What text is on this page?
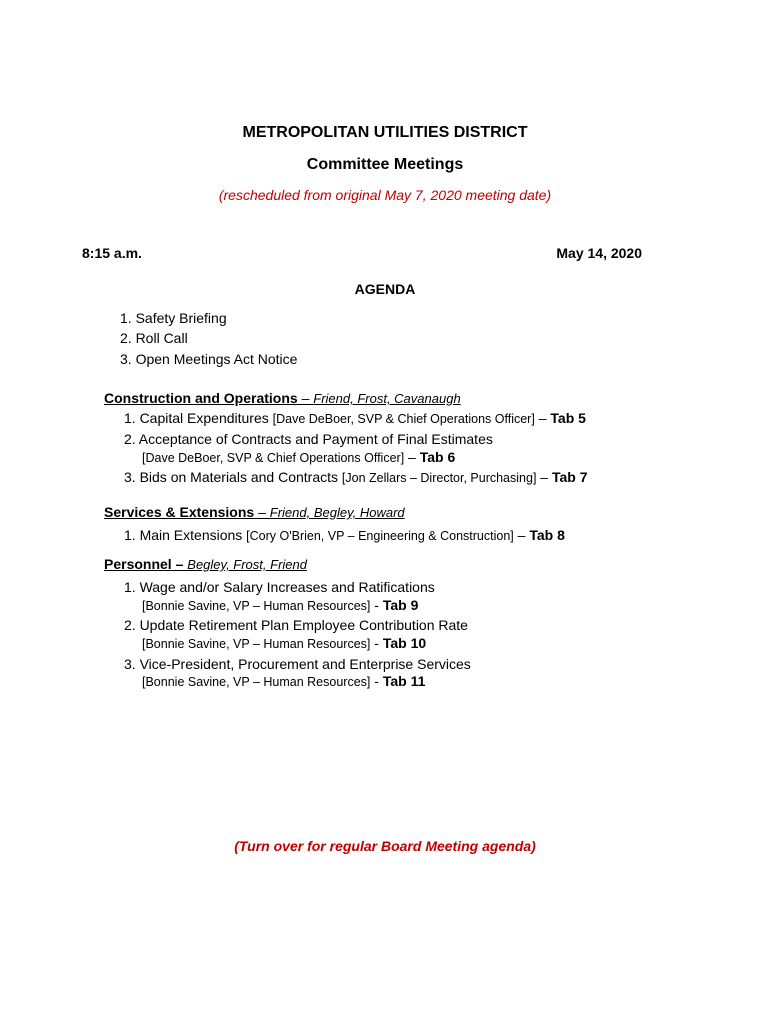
METROPOLITAN UTILITIES DISTRICT
Committee Meetings
(rescheduled from original May 7, 2020 meeting date)
8:15 a.m.	May 14, 2020
AGENDA
1. Safety Briefing
2. Roll Call
3. Open Meetings Act Notice
Construction and Operations – Friend, Frost, Cavanaugh
1. Capital Expenditures [Dave DeBoer, SVP & Chief Operations Officer] – Tab 5
2. Acceptance of Contracts and Payment of Final Estimates
[Dave DeBoer, SVP & Chief Operations Officer] – Tab 6
3. Bids on Materials and Contracts [Jon Zellars – Director, Purchasing] – Tab 7
Services & Extensions – Friend, Begley, Howard
1. Main Extensions [Cory O'Brien, VP – Engineering & Construction] – Tab 8
Personnel – Begley, Frost, Friend
1. Wage and/or Salary Increases and Ratifications
[Bonnie Savine, VP – Human Resources] - Tab 9
2. Update Retirement Plan Employee Contribution Rate
[Bonnie Savine, VP – Human Resources] - Tab 10
3. Vice-President, Procurement and Enterprise Services
[Bonnie Savine, VP – Human Resources] - Tab 11
(Turn over for regular Board Meeting agenda)
